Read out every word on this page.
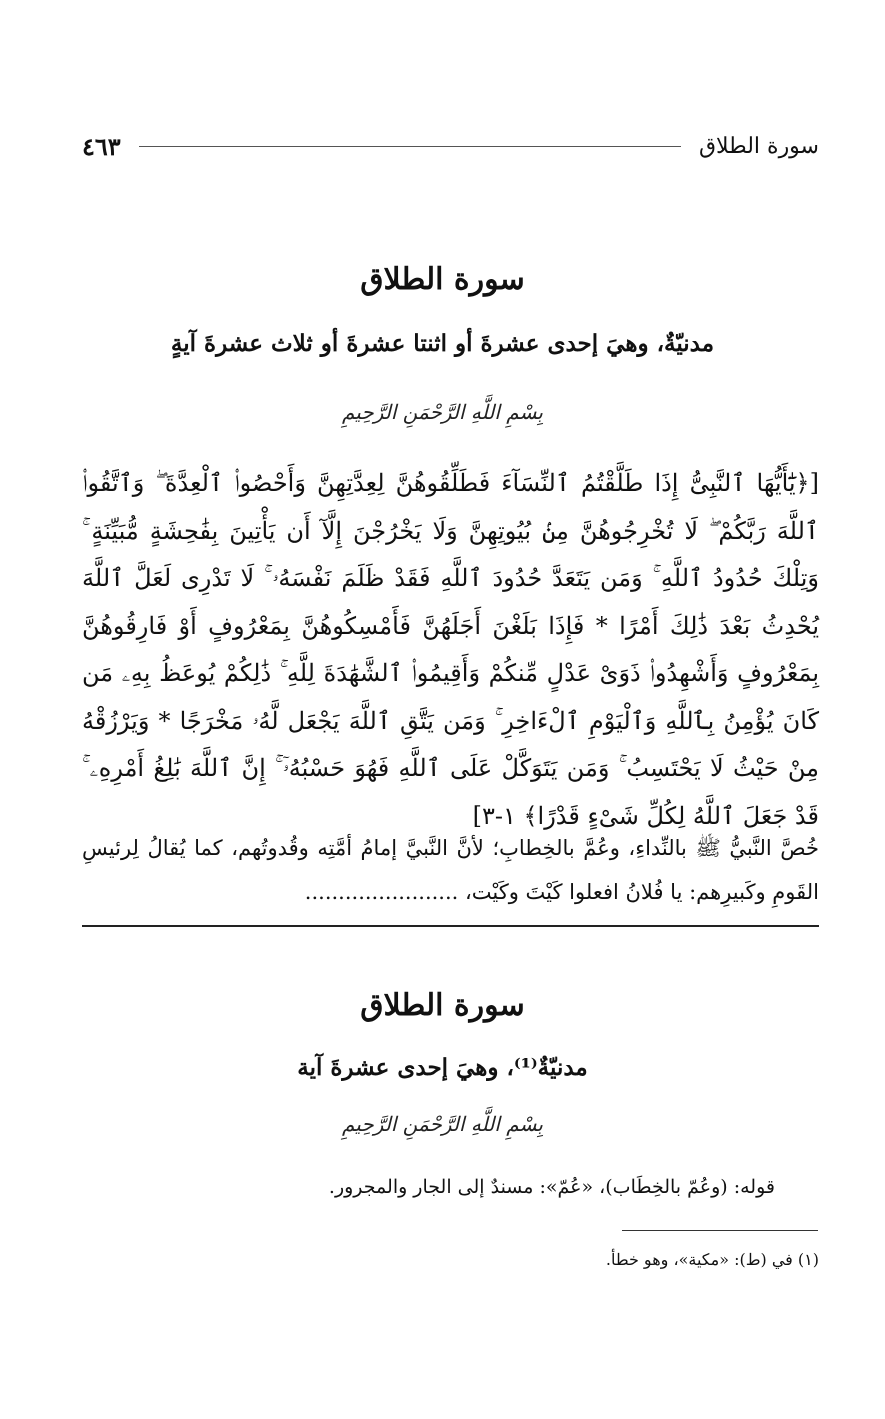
سورة الطلاق
٤٦٣
سورة الطلاق
مدنيّةٌ، وهيَ إحدى عشرةَ أو اثنتا عشرةَ أو ثلاث عشرةَ آيةٍ
بِسْمِ اللَّهِ الرَّحْمَنِ الرَّحِيمِ
[﴿يَٰٓأَيُّهَا ٱلنَّبِىُّ إِذَا طَلَّقْتُمُ ٱلنِّسَآءَ فَطَلِّقُوهُنَّ لِعِدَّتِهِنَّ وَأَحْصُوا۟ ٱلْعِدَّةَ ۖ وَٱتَّقُوا۟ ٱللَّهَ رَبَّكُمْ ۖ لَا تُخْرِجُوهُنَّ مِنۢ بُيُوتِهِنَّ وَلَا يَخْرُجْنَ إِلَّآ أَن يَأْتِينَ بِفَٰحِشَةٍ مُّبَيِّنَةٍ ۚ وَتِلْكَ حُدُودُ ٱللَّهِ ۚ وَمَن يَتَعَدَّ حُدُودَ ٱللَّهِ فَقَدْ ظَلَمَ نَفْسَهُۥ ۚ لَا تَدْرِى لَعَلَّ ٱللَّهَ يُحْدِثُ بَعْدَ ذَٰلِكَ أَمْرًا * فَإِذَا بَلَغْنَ أَجَلَهُنَّ فَأَمْسِكُوهُنَّ بِمَعْرُوفٍ أَوْ فَارِقُوهُنَّ بِمَعْرُوفٍ وَأَشْهِدُوا۟ ذَوَىْ عَدْلٍ مِّنكُمْ وَأَقِيمُوا۟ ٱلشَّهَٰدَةَ لِلَّهِ ۚ ذَٰلِكُمْ يُوعَظُ بِهِۦ مَن كَانَ يُؤْمِنُ بِٱللَّهِ وَٱلْيَوْمِ ٱلْءَاخِرِ ۚ وَمَن يَتَّقِ ٱللَّهَ يَجْعَل لَّهُۥ مَخْرَجًا * وَيَرْزُقْهُ مِنْ حَيْثُ لَا يَحْتَسِبُ ۚ وَمَن يَتَوَكَّلْ عَلَى ٱللَّهِ فَهُوَ حَسْبُهُۥٓ ۚ إِنَّ ٱللَّهَ بَٰلِغُ أَمْرِهِۦ ۚ قَدْ جَعَلَ ٱللَّهُ لِكُلِّ شَىْءٍ قَدْرًا﴾ ١-٣]
خُصَّ النَّبيُّ ﷺ بالنِّداءِ، وعُمَّ بالخِطابِ؛ لأنَّ النَّبيَّ إمامُ أمَّتِه وقُدوتُهم، كما يُقالُ لِرئيسِ القَومِ وكَبيرِهم: يا فُلانُ افعلوا كَيْتَ وكَيْت، .......................
سورة الطلاق
مدنيّةٌ⁽¹⁾، وهيَ إحدى عشرةَ آية
بِسْمِ اللَّهِ الرَّحْمَنِ الرَّحِيمِ
قوله: (وعُمّ بالخِطَاب)، «عُمّ»: مسندٌ إلى الجار والمجرور.
(١) في (ط): «مكية»، وهو خطأ.
